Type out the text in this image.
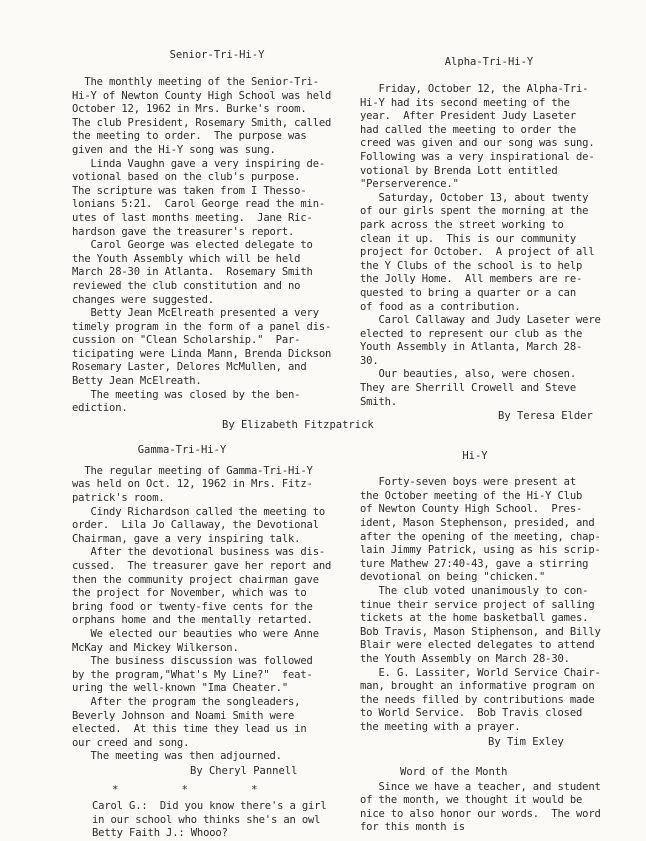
Senior-Tri-Hi-Y
The monthly meeting of the Senior-Tri-
Hi-Y of Newton County High School was held
October 12, 1962 in Mrs. Burke's room.
The club President, Rosemary Smith, called
the meeting to order.  The purpose was
given and the Hi-Y song was sung.
Linda Vaughn gave a very inspiring de-
votional based on the club's purpose.
The scripture was taken from I Thesso-
lonians 5:21.  Carol George read the min-
utes of last months meeting.  Jane Ric-
hardson gave the treasurer's report.
Carol George was elected delegate to
the Youth Assembly which will be held
March 28-30 in Atlanta.  Rosemary Smith
reviewed the club constitution and no
changes were suggested.
Betty Jean McElreath presented a very
timely program in the form of a panel dis-
cussion on "Clean Scholarship."  Par-
ticipating were Linda Mann, Brenda Dickson
Rosemary Laster, Delores McMullen, and
Betty Jean McElreath.
The meeting was closed by the ben-
ediction.
By Elizabeth Fitzpatrick
Gamma-Tri-Hi-Y
The regular meeting of Gamma-Tri-Hi-Y
was held on Oct. 12, 1962 in Mrs. Fitz-
patrick's room.
Cindy Richardson called the meeting to
order.  Lila Jo Callaway, the Devotional
Chairman, gave a very inspiring talk.
After the devotional business was dis-
cussed.  The treasurer gave her report and
then the community project chairman gave
the project for November, which was to
bring food or twenty-five cents for the
orphans home and the mentally retarted.
We elected our beauties who were Anne
McKay and Mickey Wilkerson.
The business discussion was followed
by the program,"What's My Line?"  feat-
uring the well-known "Ima Cheater."
After the program the songleaders,
Beverly Johnson and Noami Smith were
elected.  At this time they lead us in
our creed and song.
The meeting was then adjourned.
By Cheryl Pannell
*          *          *
Carol G.:  Did you know there's a girl
in our school who thinks she's an owl
Betty Faith J.: Whooo?
Alpha-Tri-Hi-Y
Friday, October 12, the Alpha-Tri-
Hi-Y had its second meeting of the
year.  After President Judy Laseter
had called the meeting to order the
creed was given and our song was sung.
Following was a very inspirational de-
votional by Brenda Lott entitled
"Perserverence."
Saturday, October 13, about twenty
of our girls spent the morning at the
park across the street working to
clean it up.  This is our community
project for October.  A project of all
the Y Clubs of the school is to help
the Jolly Home.  All members are re-
quested to bring a quarter or a can
of food as a contribution.
Carol Callaway and Judy Laseter were
elected to represent our club as the
Youth Assembly in Atlanta, March 28-
30.
Our beauties, also, were chosen.
They are Sherrill Crowell and Steve
Smith.
By Teresa Elder
Hi-Y
Forty-seven boys were present at
the October meeting of the Hi-Y Club
of Newton County High School.  Pres-
ident, Mason Stephenson, presided, and
after the opening of the meeting, chap-
lain Jimmy Patrick, using as his scrip-
ture Mathew 27:40-43, gave a stirring
devotional on being "chicken."
The club voted unanimously to con-
tinue their service project of salling
tickets at the home basketball games.
Bob Travis, Mason Stiphenson, and Billy
Blair were elected delegates to attend
the Youth Assembly on March 28-30.
E. G. Lassiter, World Service Chair-
man, brought an informative program on
the needs filled by contributions made
to World Service.  Bob Travis closed
the meeting with a prayer.
By Tim Exley
Word of the Month
Since we have a teacher, and student
of the month, we thought it would be
nice to also honor our words.  The word
for this month is
